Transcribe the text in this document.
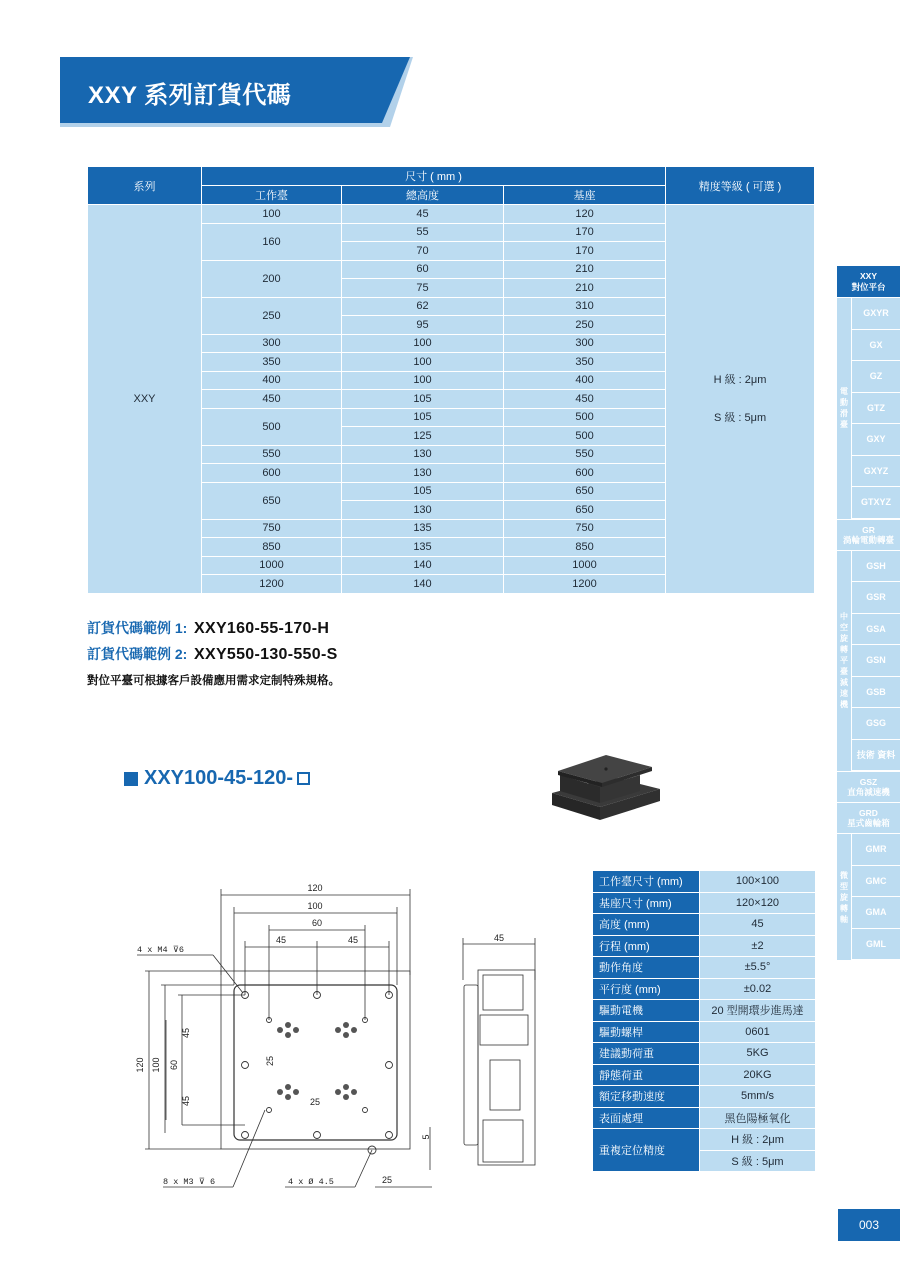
XXY 系列訂貨代碼
系列	尺寸 ( mm )			精度等級 ( 可選 )
	工作臺	總高度	基座	
XXY	100	45	120	H 級 : 2μm
S 級 : 5μm

	160	55	170	
		70	170	
	200	60	210	
		75	210	
	250	62	310	
		95	250	
	300	100	300	
	350	100	350	
	400	100	400	
	450	105	450	
	500	105	500	
		125	500	
	550	130	550	
	600	130	600	
	650	105	650	
		130	650	
	750	135	750	
	850	135	850	
	1000	140	1000	
	1200	140	1200	
訂貨代碼範例 1: XXY160-55-170-H
訂貨代碼範例 2: XXY550-130-550-S
對位平臺可根據客戶設備應用需求定制特殊規格。
XXY100-45-120-
120
100
60
45	45
120 100 60
45
45
25
25
5
25
4 x M4 ⊽6
8 x M3 ⊽ 6	4 x Ø 4.5
45
工作臺尺寸 (mm)	100×100
基座尺寸 (mm)	120×120
高度 (mm)	45
行程 (mm)	±2
動作角度	±5.5°
平行度 (mm)	±0.02
驅動電機	20 型開環步進馬達
驅動螺桿	0601
建議動荷重	5KG
靜態荷重	20KG
額定移動速度	5mm/s
表面處理	黑色陽極氧化
重複定位精度	H 級 : 2μm
	S 級 : 5μm
XXY
對位平台
電
動
滑
臺
GXYR
GX
GZ
GTZ
GXY
GXYZ
GTXYZ
GR
渦輪電動轉臺
中
空
旋
轉
平
臺
減
速
機
GSH
GSR
GSA
GSN
GSB
GSG
技術 資料
GSZ
直角減速機
GRD
星式齒輪箱
微
型
旋
轉
軸
GMR
GMC
GMA
GML
003
